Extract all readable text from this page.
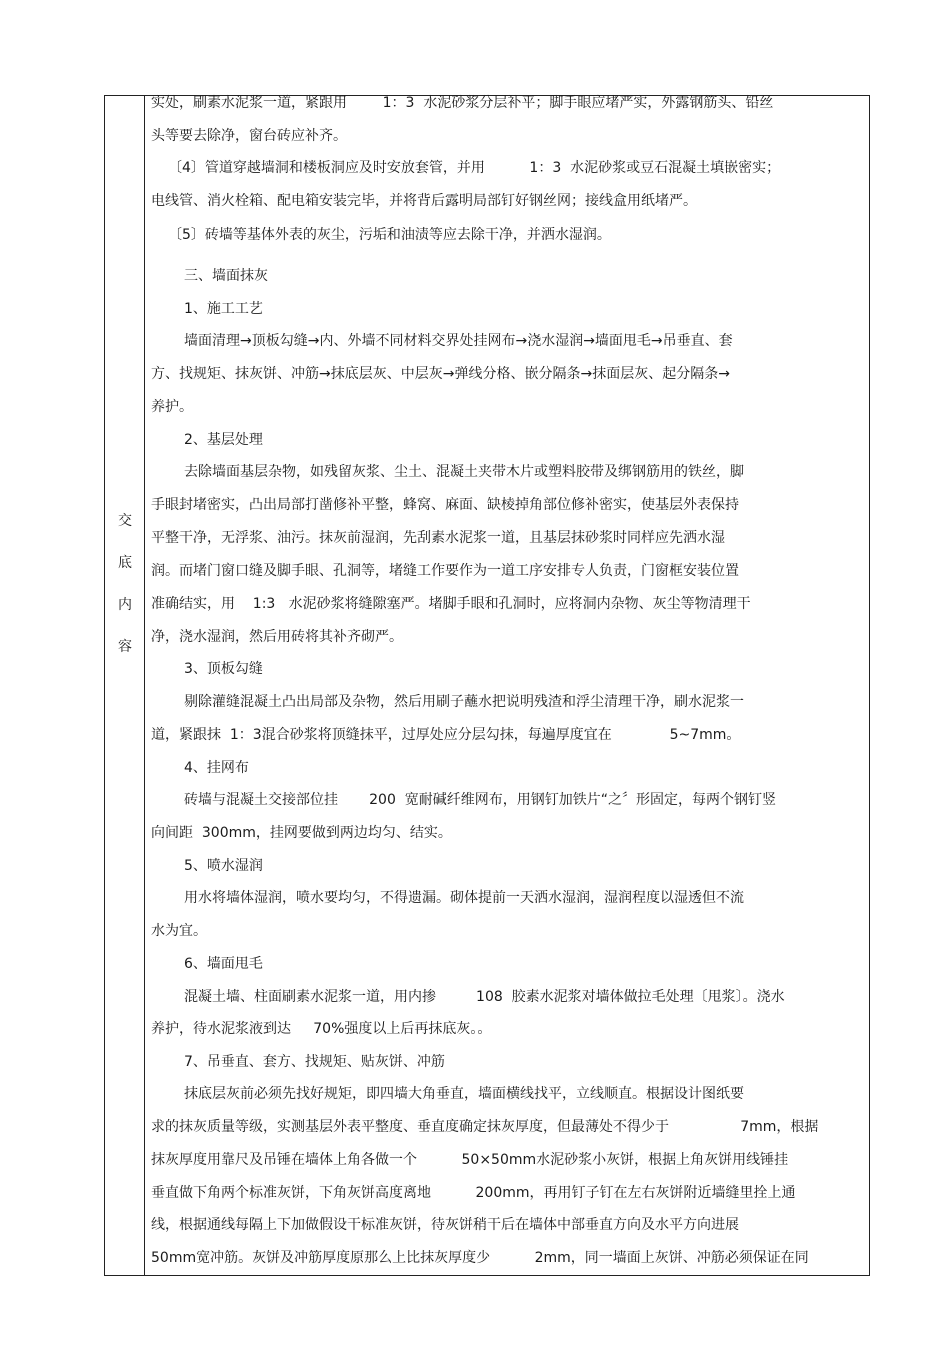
交
底
内
容
实处，刷素水泥浆一道，紧跟用        1：3  水泥砂浆分层补平；脚手眼应堵严实，外露钢筋头、铅丝
头等要去除净，窗台砖应补齐。
〔4〕管道穿越墙洞和楼板洞应及时安放套管，并用          1：3  水泥砂浆或豆石混凝土填嵌密实；
电线管、消火栓箱、配电箱安装完毕，并将背后露明局部钉好钢丝网；接线盒用纸堵严。
〔5〕砖墙等基体外表的灰尘，污垢和油渍等应去除干净，并洒水湿润。
三、墙面抹灰
1、施工工艺
墙面清理→顶板勾缝→内、外墙不同材料交界处挂网布→浇水湿润→墙面甩毛→吊垂直、套
方、找规矩、抹灰饼、冲筋→抹底层灰、中层灰→弹线分格、嵌分隔条→抹面层灰、起分隔条→
养护。
2、基层处理
去除墙面基层杂物，如残留灰浆、尘土、混凝土夹带木片或塑料胶带及绑钢筋用的铁丝，脚
手眼封堵密实，凸出局部打凿修补平整，蜂窝、麻面、缺棱掉角部位修补密实，使基层外表保持
平整干净，无浮浆、油污。抹灰前湿润，先刮素水泥浆一道，且基层抹砂浆时同样应先洒水湿
润。而堵门窗口缝及脚手眼、孔洞等，堵缝工作要作为一道工序安排专人负责，门窗框安装位置
准确结实，用    1:3   水泥砂浆将缝隙塞严。堵脚手眼和孔洞时，应将洞内杂物、灰尘等物清理干
净，浇水湿润，然后用砖将其补齐砌严。
3、顶板勾缝
剔除灌缝混凝土凸出局部及杂物，然后用刷子蘸水把说明残渣和浮尘清理干净，刷水泥浆一
道，紧跟抹  1：3混合砂浆将顶缝抹平，过厚处应分层勾抹，每遍厚度宜在             5~7mm。
4、挂网布
砖墙与混凝土交接部位挂       200  宽耐碱纤维网布，用钢钉加铁片“之〞形固定，每两个钢钉竖
向间距  300mm，挂网要做到两边均匀、结实。
5、喷水湿润
用水将墙体湿润，喷水要均匀，不得遗漏。砌体提前一天洒水湿润，湿润程度以湿透但不流
水为宜。
6、墙面甩毛
混凝土墙、柱面刷素水泥浆一道，用内掺         108  胶素水泥浆对墙体做拉毛处理〔甩浆〕。浇水
养护，待水泥浆液到达     70%强度以上后再抹底灰。。
7、吊垂直、套方、找规矩、贴灰饼、冲筋
抹底层灰前必须先找好规矩，即四墙大角垂直，墙面横线找平，立线顺直。根据设计图纸要
求的抹灰质量等级，实测基层外表平整度、垂直度确定抹灰厚度，但最薄处不得少于                7mm，根据
抹灰厚度用靠尺及吊锤在墙体上角各做一个          50×50mm水泥砂浆小灰饼，根据上角灰饼用线锤挂
垂直做下角两个标准灰饼，下角灰饼高度离地          200mm，再用钉子钉在左右灰饼附近墙缝里拴上通
线，根据通线每隔上下加做假设干标准灰饼，待灰饼稍干后在墙体中部垂直方向及水平方向进展
50mm宽冲筋。灰饼及冲筋厚度原那么上比抹灰厚度少          2mm，同一墙面上灰饼、冲筋必须保证在同
